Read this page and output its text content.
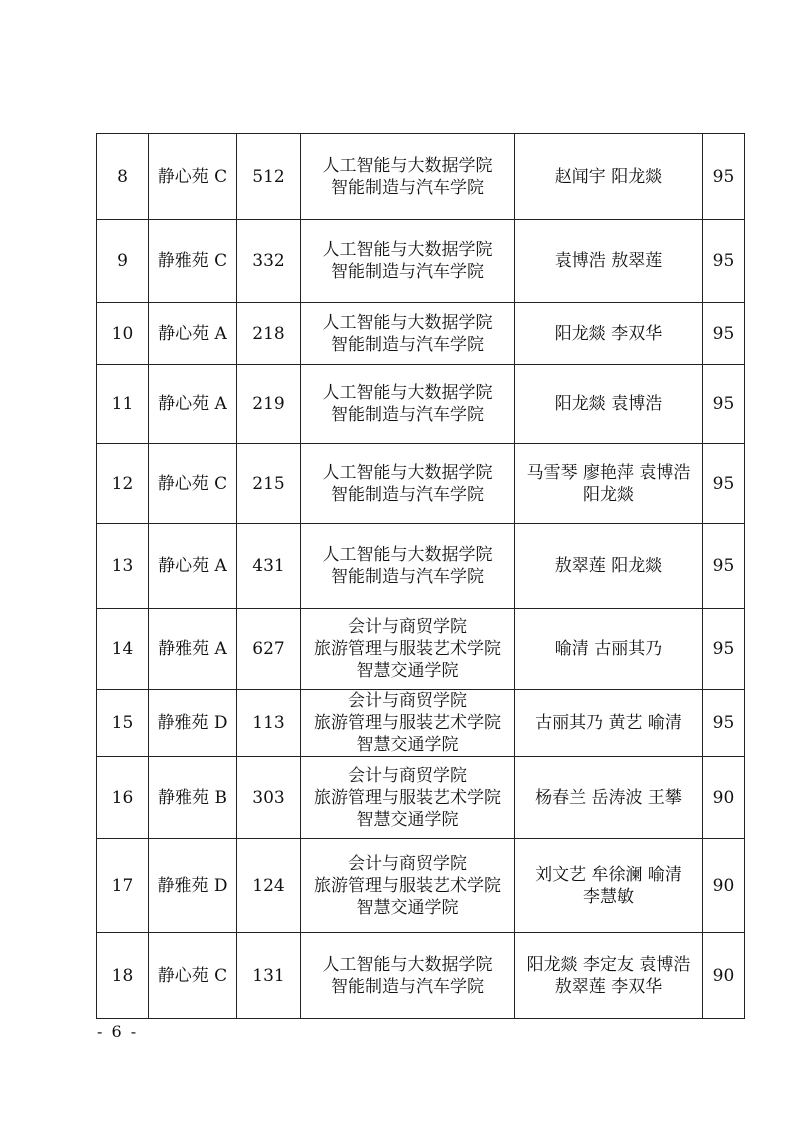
8	静心苑 C	512	人工智能与大数据学院
智能制造与汽车学院	赵闻宇 阳龙燚	95
9	静雅苑 C	332	人工智能与大数据学院
智能制造与汽车学院	袁博浩 敖翠莲	95
10	静心苑 A	218	人工智能与大数据学院
智能制造与汽车学院	阳龙燚 李双华	95
11	静心苑 A	219	人工智能与大数据学院
智能制造与汽车学院	阳龙燚 袁博浩	95
12	静心苑 C	215	人工智能与大数据学院
智能制造与汽车学院	马雪琴 廖艳萍 袁博浩 阳龙燚	95
13	静心苑 A	431	人工智能与大数据学院
智能制造与汽车学院	敖翠莲 阳龙燚	95
14	静雅苑 A	627	会计与商贸学院
旅游管理与服装艺术学院
智慧交通学院	喻清 古丽其乃	95
15	静雅苑 D	113	会计与商贸学院
旅游管理与服装艺术学院
智慧交通学院	古丽其乃 黄艺 喻清	95
16	静雅苑 B	303	会计与商贸学院
旅游管理与服装艺术学院
智慧交通学院	杨春兰 岳涛波 王攀	90
17	静雅苑 D	124	会计与商贸学院
旅游管理与服装艺术学院
智慧交通学院	刘文艺 牟徐澜 喻清 李慧敏	90
18	静心苑 C	131	人工智能与大数据学院
智能制造与汽车学院	阳龙燚 李定友 袁博浩 敖翠莲 李双华	90
- 6 -
